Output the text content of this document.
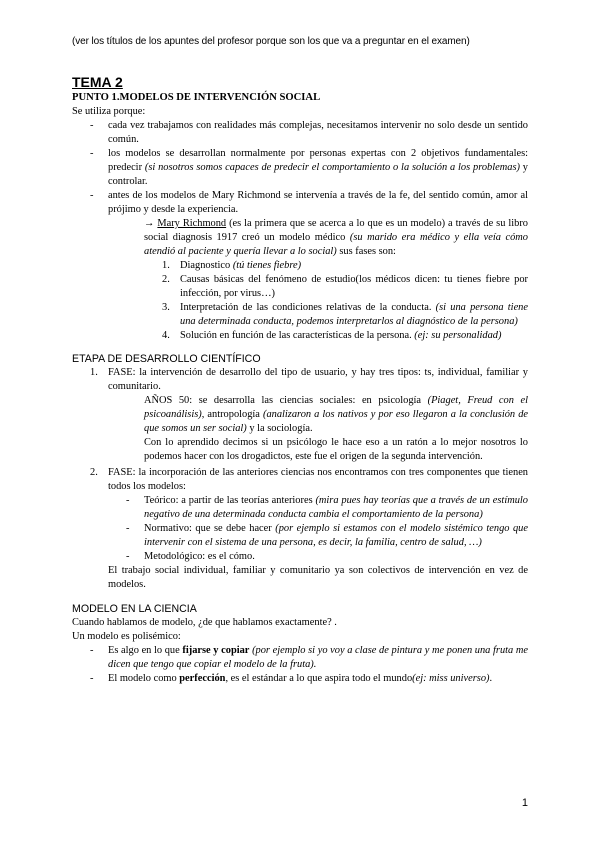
(ver los títulos de los apuntes del profesor porque son los que va a preguntar en el examen)
TEMA 2
PUNTO 1.MODELOS DE INTERVENCIÓN SOCIAL
Se utiliza porque:
- cada vez trabajamos con realidades más complejas, necesitamos intervenir no solo desde un sentido común.
- los modelos se desarrollan normalmente por personas expertas con 2 objetivos fundamentales: predecir (si nosotros somos capaces de predecir el comportamiento o la solución a los problemas) y controlar.
- antes de los modelos de Mary Richmond se intervenía a través de la fe, del sentido común, amor al prójimo y desde la experiencia.
→ Mary Richmond (es la primera que se acerca a lo que es un modelo) a través de su libro social diagnosis 1917 creó un modelo médico (su marido era médico y ella veía cómo atendió al paciente y quería llevar a lo social) sus fases son:
1. Diagnostico (tú tienes fiebre)
2. Causas básicas del fenómeno de estudio(los médicos dicen: tu tienes fiebre por infección, por virus…)
3. Interpretación de las condiciones relativas de la conducta. (si una persona tiene una determinada conducta, podemos interpretarlos al diagnóstico de la persona)
4. Solución en función de las características de la persona. (ej: su personalidad)
ETAPA DE DESARROLLO CIENTÍFICO
1. FASE: la intervención de desarrollo del tipo de usuario, y hay tres tipos: ts, individual, familiar y comunitario.
AÑOS 50: se desarrolla las ciencias sociales: en psicología (Piaget, Freud con el psicoanálisis), antropología (analizaron a los nativos y por eso llegaron a la conclusión de que somos un ser social) y la sociología.
Con lo aprendido decimos si un psicólogo le hace eso a un ratón a lo mejor nosotros lo podemos hacer con los drogadictos, este fue el origen de la segunda intervención.
2. FASE: la incorporación de las anteriores ciencias nos encontramos con tres componentes que tienen todos los modelos:
- Teórico: a partir de las teorías anteriores (mira pues hay teorías que a través de un estímulo negativo de una determinada conducta cambia el comportamiento de la persona)
- Normativo: que se debe hacer (por ejemplo si estamos con el modelo sistémico tengo que intervenir con el sistema de una persona, es decir, la familia, centro de salud, …)
- Metodológico: es el cómo.
El trabajo social individual, familiar y comunitario ya son colectivos de intervención en vez de modelos.
MODELO EN LA CIENCIA
Cuando hablamos de modelo, ¿de que hablamos exactamente? .
Un modelo es polisémico:
- Es algo en lo que fijarse y copiar (por ejemplo si yo voy a clase de pintura y me ponen una fruta me dicen que tengo que copiar el modelo de la fruta).
- El modelo como perfección, es el estándar a lo que aspira todo el mundo(ej: miss universo).
1
